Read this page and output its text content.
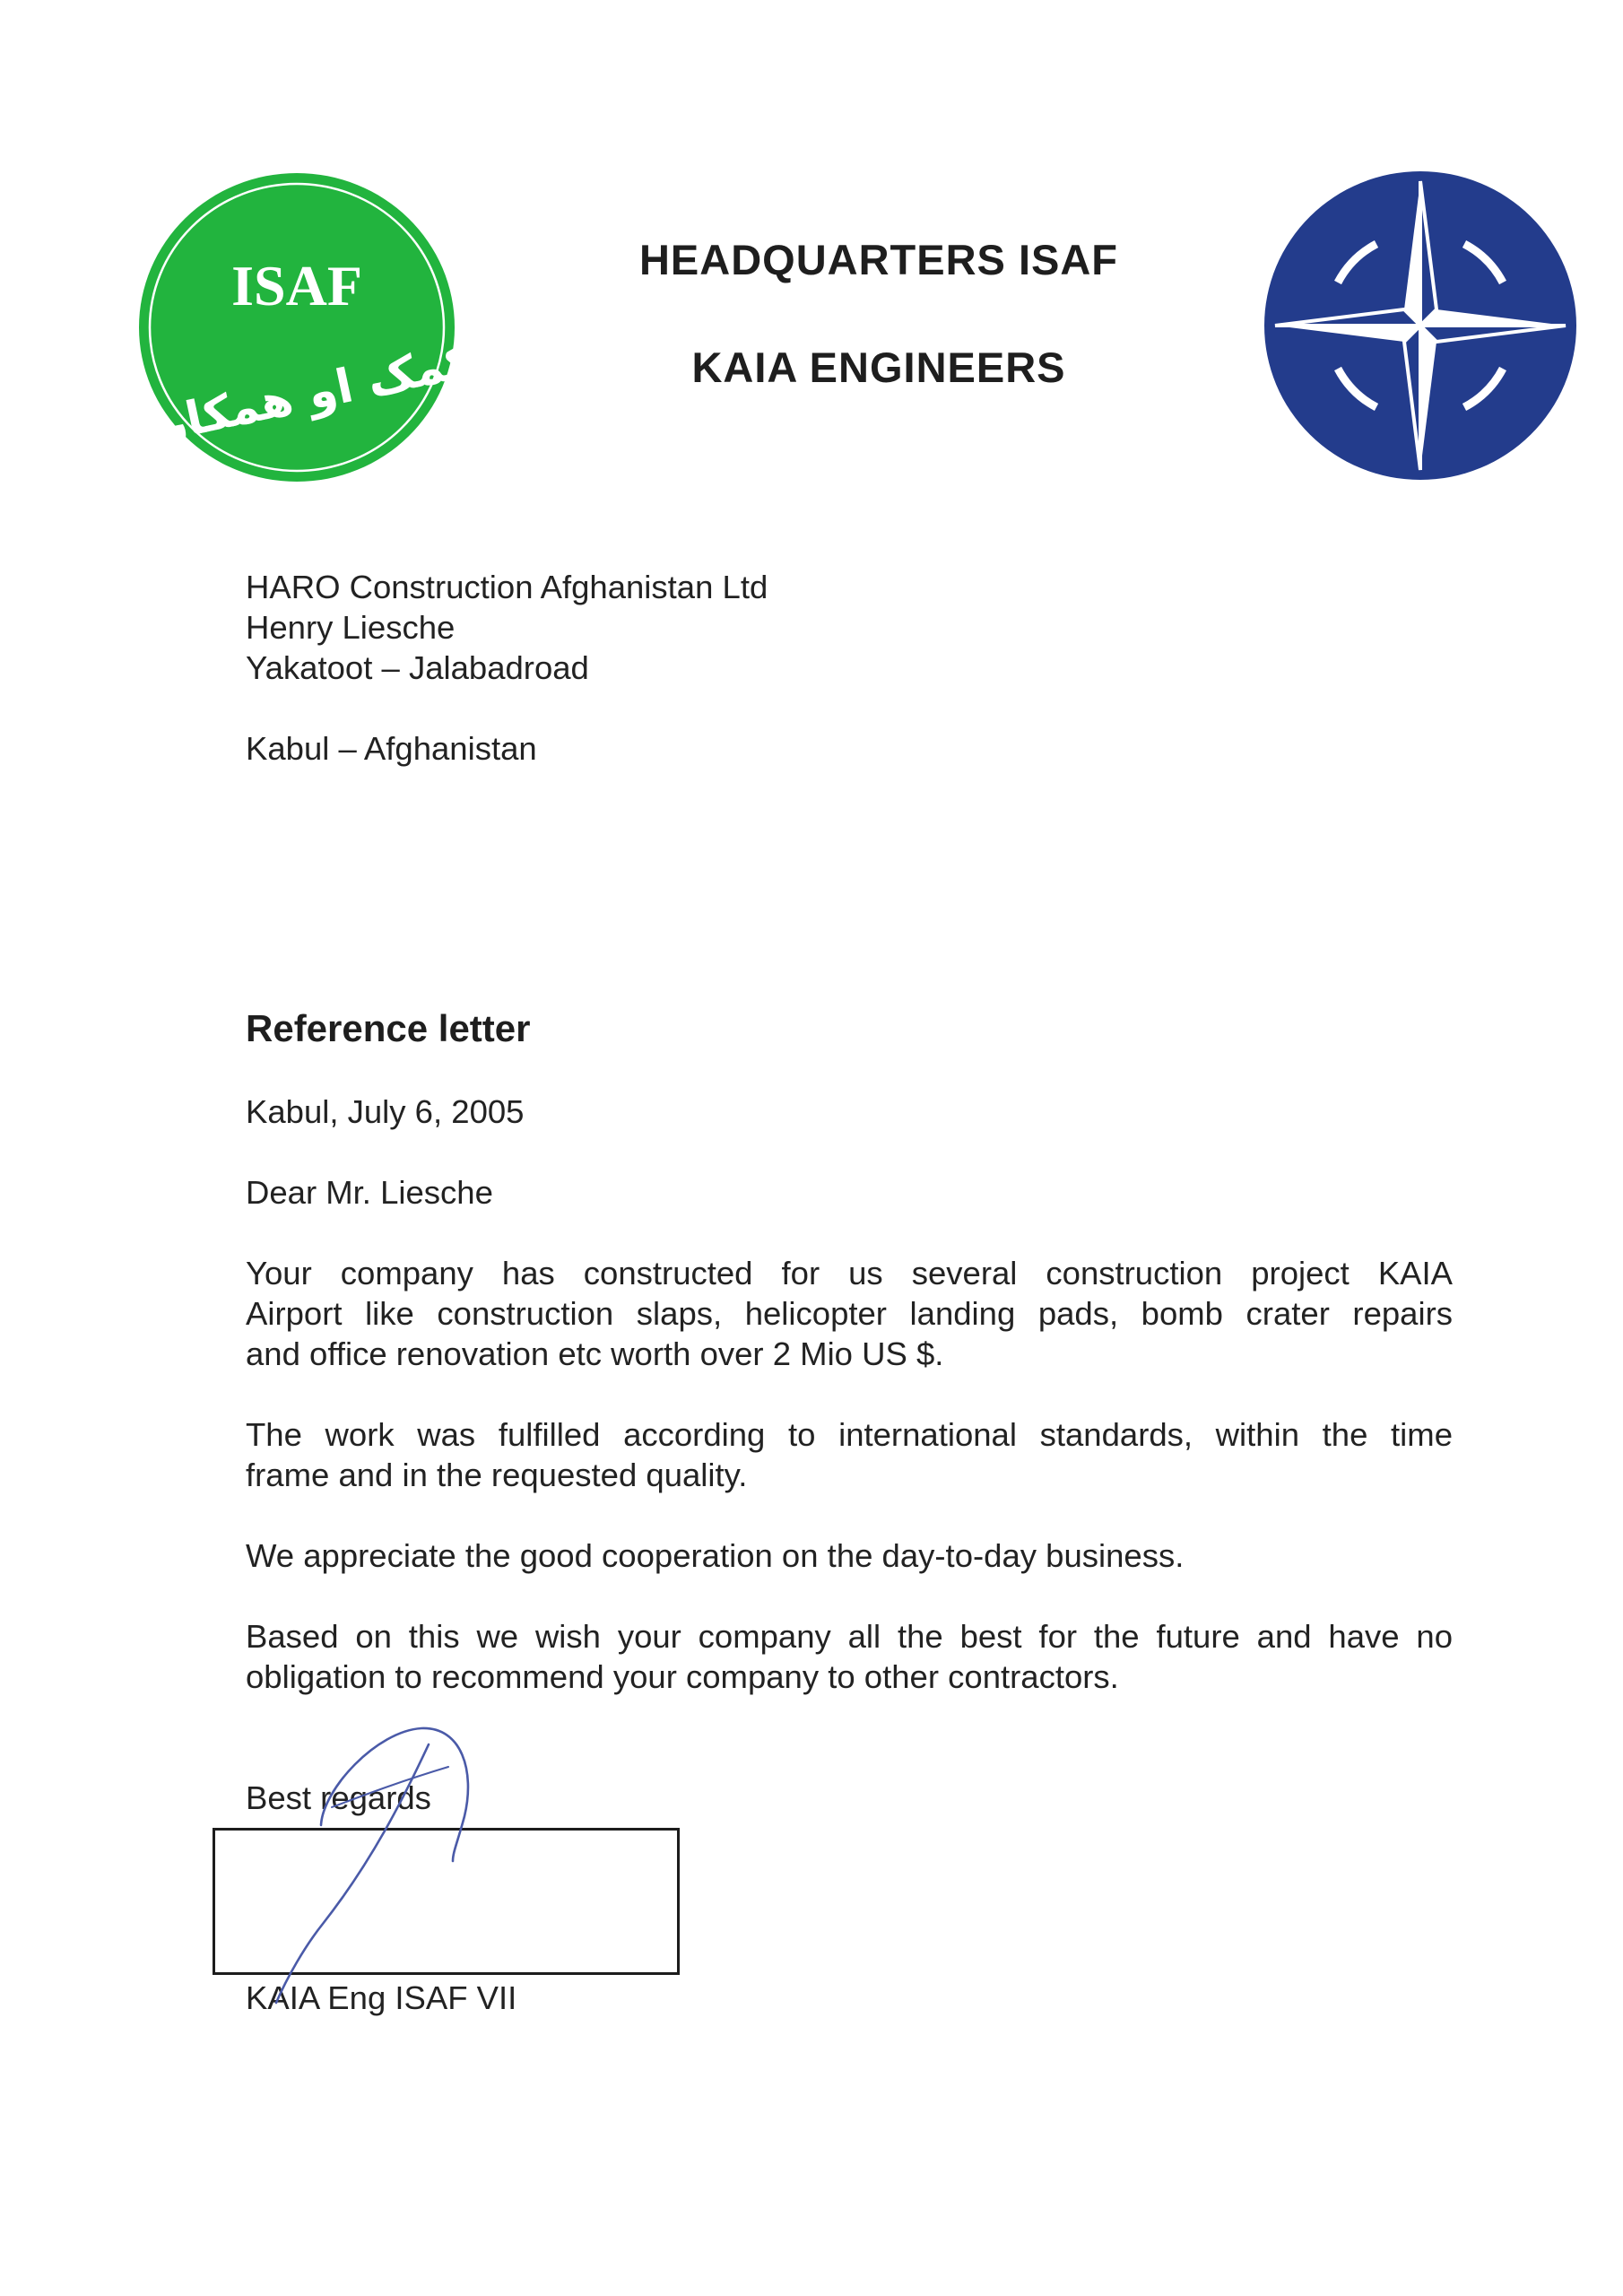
ISAF
کمک او همکاری
HEADQUARTERS ISAF
KAIA ENGINEERS
HARO Construction Afghanistan Ltd
Henry Liesche
Yakatoot – Jalabadroad
Kabul – Afghanistan
Reference letter
Kabul, July 6, 2005
Dear Mr. Liesche
Your company has constructed for us several construction project KAIA
Airport like construction slaps, helicopter landing pads, bomb crater repairs
and office renovation etc worth over 2 Mio US $.
The work was fulfilled according to international standards, within the time
frame and in the requested quality.
We appreciate the good cooperation on the day-to-day business.
Based on this we wish your company all the best for the future and have no
obligation to recommend your company to other contractors.
Best regards
KAIA Eng ISAF VII
